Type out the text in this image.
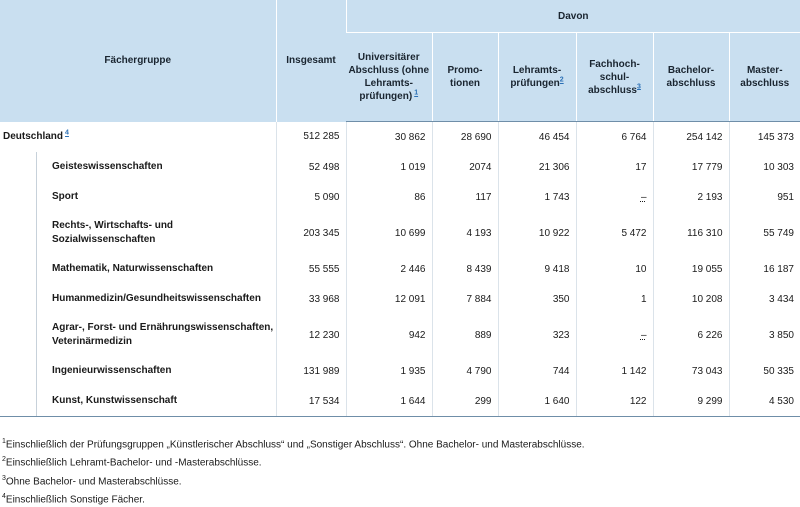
Fächergruppe	Insgesamt	Davon					
		Universitärer Abschluss (ohne Lehramtsprüfungen)  $^1$	Promotionen	Lehramtsprüfungen$^2$	Fachhochschulabschluss$^3$	Bachelorabschluss	Masterabschluss
Deutschland  $^4$	512 285	30 862	28 690	46 454	6 764	254 142	145 373

Geisteswissenschaften	52 498	1 019	2074	21 306	17	17 779	10 303

Sport	5 090	86	117	1 743	–	2 193	951

Rechts-, Wirtschafts- und Sozialwissenschaften	203 345	10 699	4 193	10 922	5 472	116 310	55 749

Mathematik, Naturwissenschaften	55 555	2 446	8 439	9 418	10	19 055	16 187

Humanmedizin/Gesundheitswissenschaften	33 968	12 091	7 884	350	1	10 208	3 434

Agrar-, Forst- und Ernährungswissenschaften, Veterinärmedizin	12 230	942	889	323	–	6 226	3 850

Ingenieurwissenschaften	131 989	1 935	4 790	744	1 142	73 043	50 335

Kunst, Kunstwissenschaft	17 534	1 644	299	1 640	122	9 299	4 530
$^1$Einschließlich der Prüfungsgruppen „Künstlerischer Abschluss“ und „Sonstiger Abschluss“. Ohne Bachelor- und Masterabschlüsse.
$^2$Einschließlich Lehramt-Bachelor- und -Masterabschlüsse.
$^3$Ohne Bachelor- und Masterabschlüsse.
$^4$Einschließlich Sonstige Fächer.
